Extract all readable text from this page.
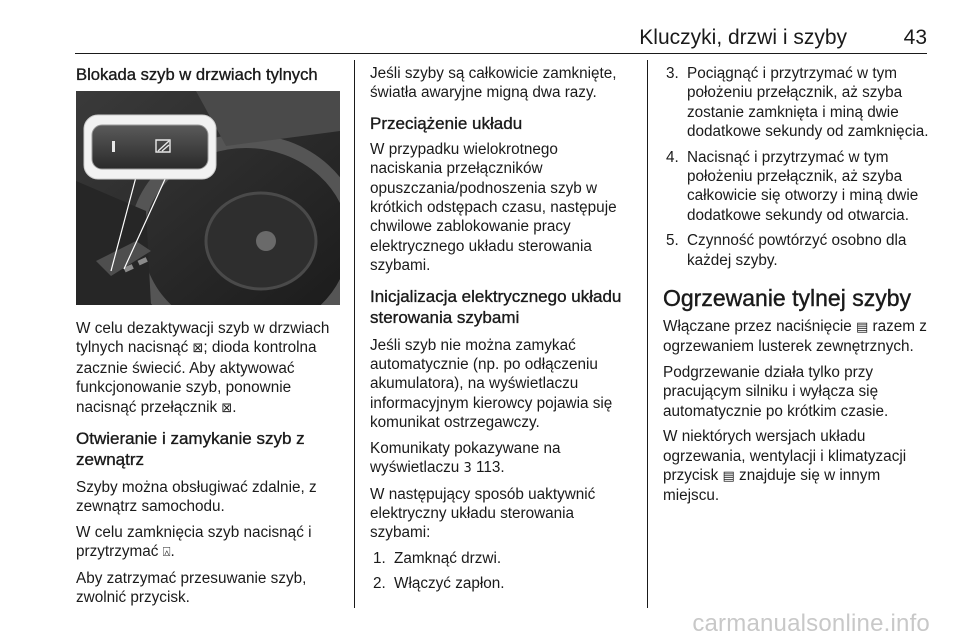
Kluczyki, drzwi i szyby	43
Blokada szyb w drzwiach tylnych
W celu dezaktywacji szyb w drzwiach tylnych nacisnąć ⊠; dioda kontrolna zacznie świecić. Aby aktywować funkcjonowanie szyb, ponownie nacisnąć przełącznik ⊠.
Otwieranie i zamykanie szyb z zewnątrz
Szyby można obsługiwać zdalnie, z zewnątrz samochodu.
W celu zamknięcia szyb nacisnąć i przytrzymać ⍓.
Aby zatrzymać przesuwanie szyb, zwolnić przycisk.
Jeśli szyby są całkowicie zamknięte, światła awaryjne migną dwa razy.
Przeciążenie układu
W przypadku wielokrotnego naciskania przełączników opuszczania/podnoszenia szyb w krótkich odstępach czasu, następuje chwilowe zablokowanie pracy elektrycznego układu sterowania szybami.
Inicjalizacja elektrycznego układu sterowania szybami
Jeśli szyb nie można zamykać automatycznie (np. po odłączeniu akumulatora), na wyświetlaczu informacyjnym kierowcy pojawia się komunikat ostrzegawczy.
Komunikaty pokazywane na wyświetlaczu 3 113.
W następujący sposób uaktywnić elektryczny układu sterowania szybami:
1. Zamknąć drzwi.
2. Włączyć zapłon.
3. Pociągnąć i przytrzymać w tym położeniu przełącznik, aż szyba zostanie zamknięta i miną dwie dodatkowe sekundy od zamknięcia.
4. Nacisnąć i przytrzymać w tym położeniu przełącznik, aż szyba całkowicie się otworzy i miną dwie dodatkowe sekundy od otwarcia.
5. Czynność powtórzyć osobno dla każdej szyby.
Ogrzewanie tylnej szyby
Włączane przez naciśnięcie ▤ razem z ogrzewaniem lusterek zewnętrznych.
Podgrzewanie działa tylko przy pracującym silniku i wyłącza się automatycznie po krótkim czasie.
W niektórych wersjach układu ogrzewania, wentylacji i klimatyzacji przycisk ▤ znajduje się w innym miejscu.
carmanualsonline.info
